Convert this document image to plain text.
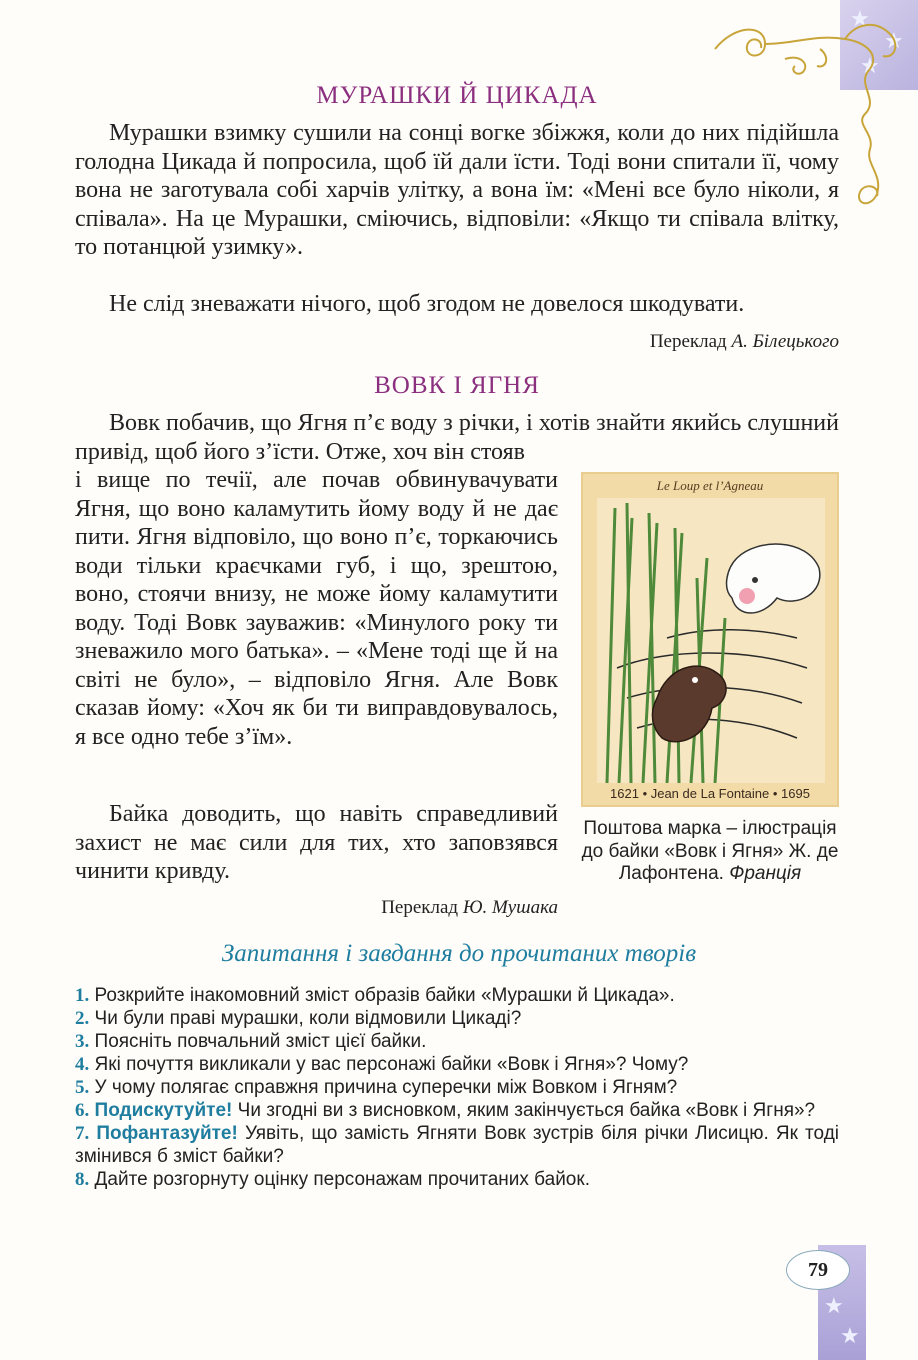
★
★
★
МУРАШКИ Й ЦИКАДА

Мурашки взимку сушили на сонці вогке збіжжя, коли до них підійшла голодна Цикада й попросила, щоб їй дали їсти. Тоді вони спитали її, чому вона не заготувала собі харчів улітку, а вона їм: «Мені все було ніколи, я співала». На це Мурашки, сміючись, відповіли: «Якщо ти співала влітку, то потанцюй узимку».

Не слід зневажати нічого, щоб згодом не довелося шкодувати.

Переклад А. Білецького

ВОВК І ЯГНЯ

Вовк побачив, що Ягня п’є воду з річки, і хотів знайти якийсь слушний привід, щоб його з’їсти. Отже, хоч він стояв

і вище по течії, але почав обвинувачувати Ягня, що воно каламутить йому воду й не дає пити. Ягня відповіло, що воно п’є, торкаючись води тільки краєчками губ, і що, зрештою, воно, стоячи внизу, не може йому каламутити воду. Тоді Вовк зауважив: «Минулого року ти зневажило мого батька». – «Мене тоді ще й на світі не було», – відповіло Ягня. Але Вовк сказав йому: «Хоч як би ти виправдовувалось, я все одно тебе з’їм».

Байка доводить, що навіть справедливий захист не має сили для тих, хто заповзявся чинити кривду.

Переклад Ю. Мушака

Le Loup et l’Agneau
1621 • Jean de La Fontaine • 1695

Поштова марка – ілюстрація до байки «Вовк і Ягня» Ж. де Лафонтена. Франція

Запитання і завдання до прочитаних творів
1. Розкрийте інакомовний зміст образів байки «Мурашки й Цикада».
2. Чи були праві мурашки, коли відмовили Цикаді?
3. Поясніть повчальний зміст цієї байки.
4. Які почуття викликали у вас персонажі байки «Вовк і Ягня»? Чому?
5. У чому полягає справжня причина суперечки між Вовком і Ягням?
6. Подискутуйте! Чи згодні ви з висновком, яким закінчується байка «Вовк і Ягня»?
7. Пофантазуйте! Уявіть, що замість Ягняти Вовк зустрів біля річки Лисицю. Як тоді змінився б зміст байки?
8. Дайте розгорнуту оцінку персонажам прочитаних байок.
★
★
79
